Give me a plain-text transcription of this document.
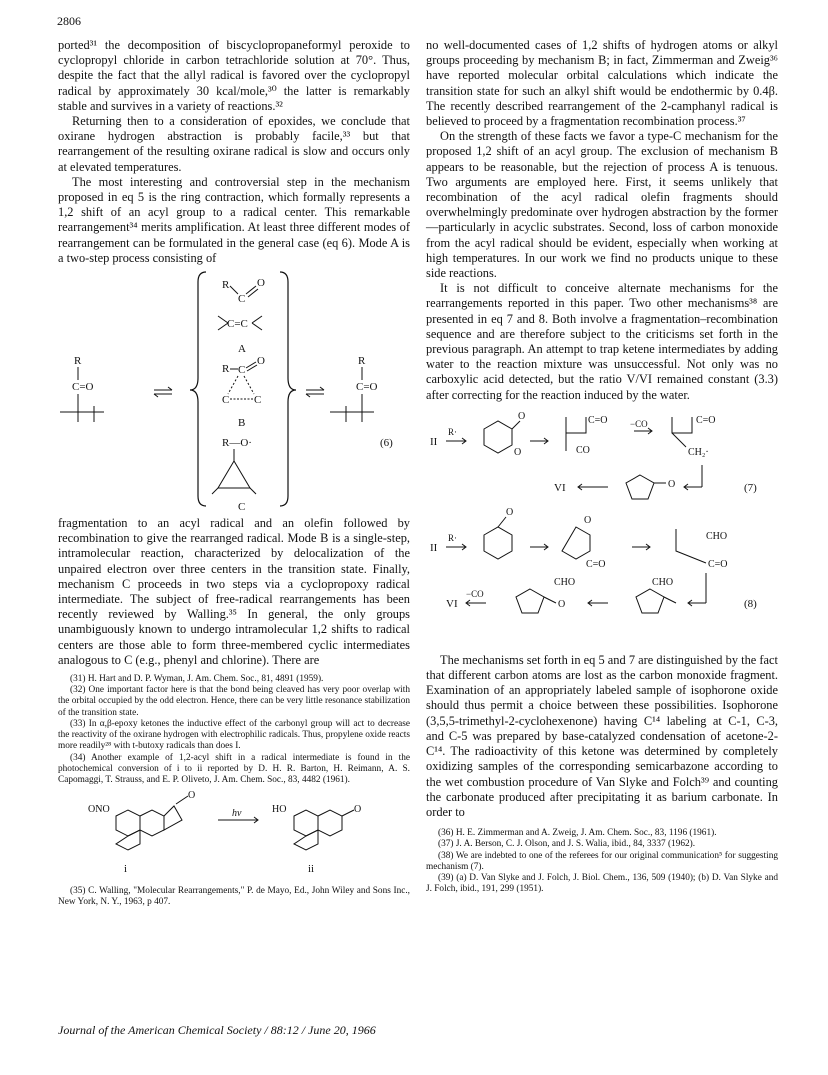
2806

ported³¹ the decomposition of biscyclopropaneformyl peroxide to cyclopropyl chloride in carbon tetrachloride solution at 70°. Thus, despite the fact that the allyl radical is favored over the cyclopropyl radical by approximately 30 kcal/mole,³⁰ the latter is remarkably stable and survives in a variety of reactions.³²

Returning then to a consideration of epoxides, we conclude that oxirane hydrogen abstraction is probably facile,³³ but that rearrangement of the resulting oxirane radical is slow and occurs only at elevated temperatures.

The most interesting and controversial step in the mechanism proposed in eq 5 is the ring contraction, which formally represents a 1,2 shift of an acyl group to a radical center. This remarkable rearrangement³⁴ merits amplification. At least three different modes of rearrangement can be formulated in the general case (eq 6). Mode A is a two-step process consisting of

R
C
O
C=C
A
R C
O
C C
B
R—O·
C
R
C=O
R
C=O
(6)

fragmentation to an acyl radical and an olefin followed by recombination to give the rearranged radical. Mode B is a single-step, intramolecular reaction, characterized by delocalization of the unpaired electron over three centers in the transition state. Finally, mechanism C proceeds in two steps via a cyclopropoxy radical intermediate. The subject of free-radical rearrangements has been recently reviewed by Walling.³⁵ In general, the only groups unambiguously known to undergo intramolecular 1,2 shifts to radical centers are those able to form three-membered cyclic intermediates analogous to C (e.g., phenyl and chlorine). There are

(31) H. Hart and D. P. Wyman, J. Am. Chem. Soc., 81, 4891 (1959).

(32) One important factor here is that the bond being cleaved has very poor overlap with the orbital occupied by the odd electron. Hence, there can be very little resonance stabilization of the transition state.

(33) In α,β-epoxy ketones the inductive effect of the carbonyl group will act to decrease the reactivity of the oxirane hydrogen with electrophilic radicals. Thus, propylene oxide reacts more readily²⁸ with t-butoxy radicals than does I.

(34) Another example of 1,2-acyl shift in a radical intermediate is found in the photochemical conversion of i to ii reported by D. H. R. Barton, H. Reimann, A. S. Capomaggi, T. Strauss, and E. P. Oliveto, J. Am. Chem. Soc., 83, 4482 (1961).

ONO
O
hν	HO	O
i	ii

(35) C. Walling, "Molecular Rearrangements," P. de Mayo, Ed., John Wiley and Sons Inc., New York, N. Y., 1963, p 407.

no well-documented cases of 1,2 shifts of hydrogen atoms or alkyl groups proceeding by mechanism B; in fact, Zimmerman and Zweig³⁶ have reported molecular orbital calculations which indicate the transition state for such an alkyl shift would be endothermic by 0.4β. The recently described rearrangement of the 2-camphanyl radical is believed to proceed by a fragmentation recombination process.³⁷

On the strength of these facts we favor a type-C mechanism for the proposed 1,2 shift of an acyl group. The exclusion of mechanism B appears to be reasonable, but the rejection of process A is tenuous. Two arguments are employed here. First, it seems unlikely that recombination of the acyl radical olefin fragments should overwhelmingly predominate over hydrogen abstraction by the former—particularly in acyclic substrates. Second, loss of carbon monoxide from the acyl radical should be evident, especially when working at high temperatures. In our work we find no products unique to these side reactions.

It is not difficult to conceive alternate mechanisms for the rearrangements reported in this paper. Two other mechanisms³⁸ are presented in eq 7 and 8. Both involve a fragmentation–recombination sequence and are therefore subject to the criticisms set forth in the previous paragraph. An attempt to trap ketene intermediates by adding water to the reaction mixture was unsuccessful. Not only was no carboxylic acid detected, but the ratio V/VI remained constant (3.3) after correcting for the reaction induced by the water.

II
R·
O
O
C=O
CO
−CO	C=O
CH₂·
VI	O	(7)
II
R·
O
O
C=O
CHO
C=O
CHO	CHO
VI
−CO
O	(8)

The mechanisms set forth in eq 5 and 7 are distinguished by the fact that different carbon atoms are lost as the carbon monoxide fragment. Examination of an appropriately labeled sample of isophorone oxide should thus permit a choice between these possibilities. Isophorone (3,5,5-trimethyl-2-cyclohexenone) having C¹⁴ labeling at C-1, C-3, and C-5 was prepared by base-catalyzed condensation of acetone-2-C¹⁴. The radioactivity of this ketone was determined by completely oxidizing samples of the corresponding semicarbazone according to the wet combustion procedure of Van Slyke and Folch³⁹ and counting the carbonate produced after precipitating it as barium carbonate. In order to

(36) H. E. Zimmerman and A. Zweig, J. Am. Chem. Soc., 83, 1196 (1961).

(37) J. A. Berson, C. J. Olson, and J. S. Walia, ibid., 84, 3337 (1962).

(38) We are indebted to one of the referees for our original communication⁵ for suggesting mechanism (7).

(39) (a) D. Van Slyke and J. Folch, J. Biol. Chem., 136, 509 (1940); (b) D. Van Slyke and J. Folch, ibid., 191, 299 (1951).

Journal of the American Chemical Society / 88:12 / June 20, 1966
